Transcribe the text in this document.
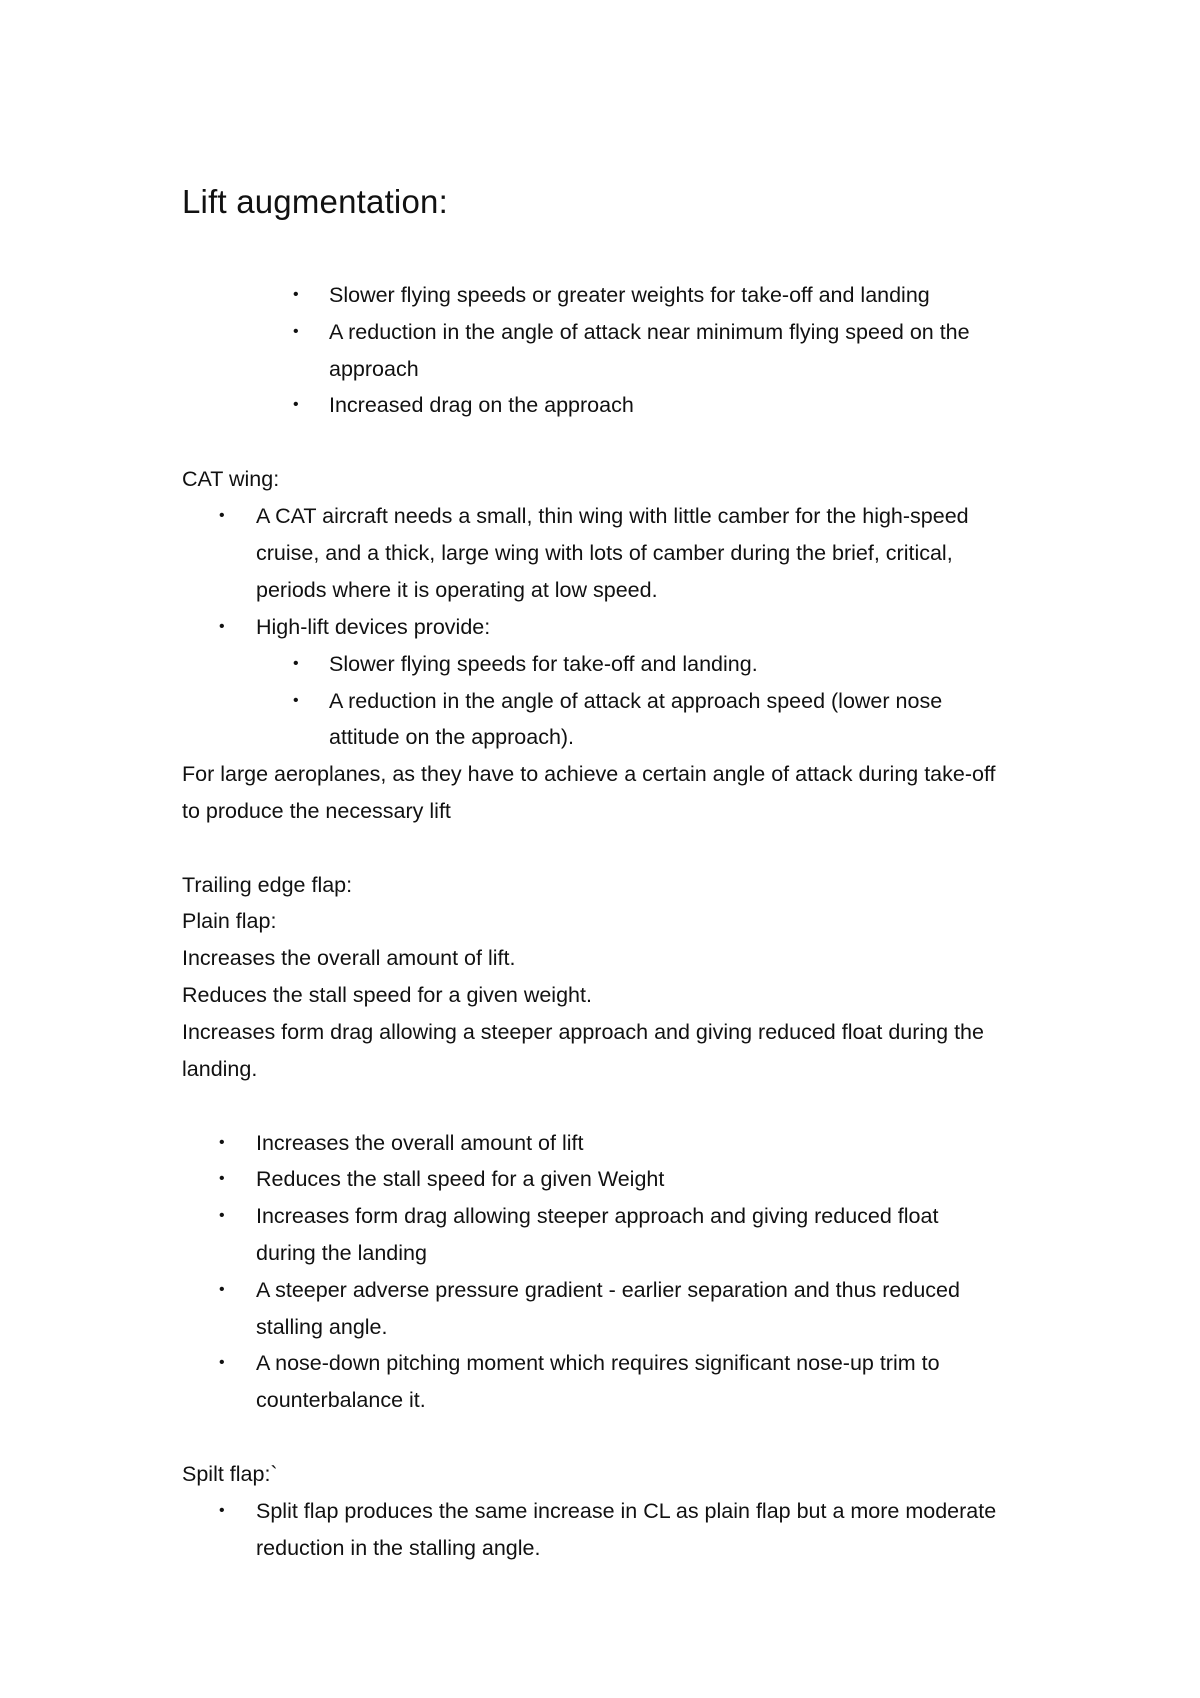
Lift augmentation:
• Slower flying speeds or greater weights for take-off and landing
• A reduction in the angle of attack near minimum flying speed on the
approach
• Increased drag on the approach
CAT wing:
• A CAT aircraft needs a small, thin wing with little camber for the high-speed
cruise, and a thick, large wing with lots of camber during the brief, critical,
periods where it is operating at low speed.
• High-lift devices provide:
• Slower flying speeds for take-off and landing.
• A reduction in the angle of attack at approach speed (lower nose
attitude on the approach).
For large aeroplanes, as they have to achieve a certain angle of attack during take-off
to produce the necessary lift
Trailing edge flap:
Plain flap:
Increases the overall amount of lift.
Reduces the stall speed for a given weight.
Increases form drag allowing a steeper approach and giving reduced float during the
landing.
• Increases the overall amount of lift
• Reduces the stall speed for a given Weight
• Increases form drag allowing steeper approach and giving reduced float
during the landing
• A steeper adverse pressure gradient - earlier separation and thus reduced
stalling angle.
• A nose-down pitching moment which requires significant nose-up trim to
counterbalance it.
Spilt flap:`
• Split flap produces the same increase in CL as plain flap but a more moderate
reduction in the stalling angle.
